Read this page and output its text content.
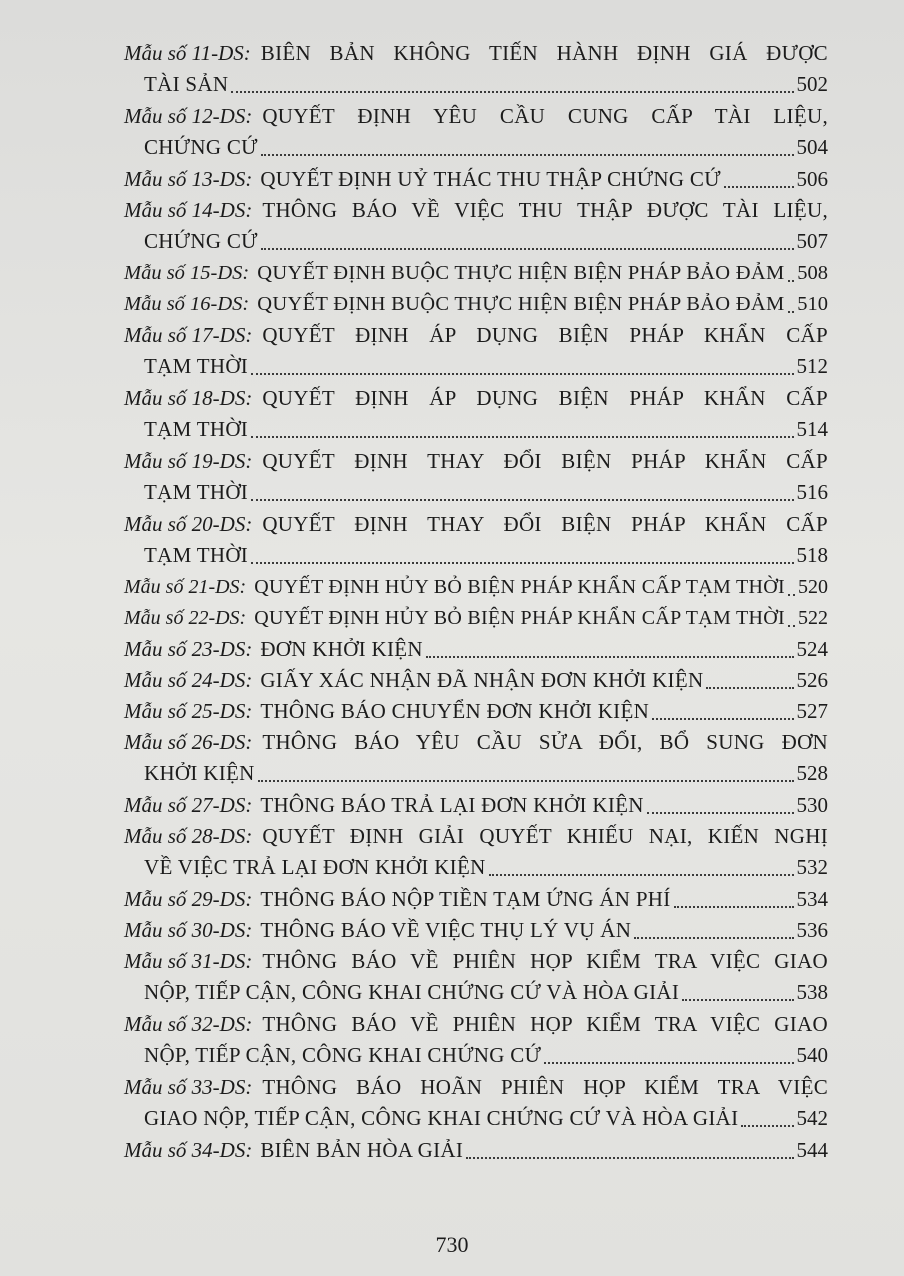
Mẫu số 11-DS: BIÊN BẢN KHÔNG TIẾN HÀNH ĐỊNH GIÁ ĐƯỢC
TÀI SẢN	502
Mẫu số 12-DS: QUYẾT ĐỊNH YÊU CẦU CUNG CẤP TÀI LIỆU,
CHỨNG CỨ	504
Mẫu số 13-DS: QUYẾT ĐỊNH UỶ THÁC THU THẬP CHỨNG CỨ	506
Mẫu số 14-DS: THÔNG BÁO VỀ VIỆC THU THẬP ĐƯỢC TÀI LIỆU,
CHỨNG CỨ	507
Mẫu số 15-DS: QUYẾT ĐỊNH BUỘC THỰC HIỆN BIỆN PHÁP BẢO ĐẢM 508
Mẫu số 16-DS: QUYẾT ĐỊNH BUỘC THỰC HIỆN BIỆN PHÁP BẢO ĐẢM 510
Mẫu số 17-DS: QUYẾT ĐỊNH ÁP DỤNG BIỆN PHÁP KHẨN CẤP
TẠM THỜI	512
Mẫu số 18-DS: QUYẾT ĐỊNH ÁP DỤNG BIỆN PHÁP KHẨN CẤP
TẠM THỜI	514
Mẫu số 19-DS: QUYẾT ĐỊNH THAY ĐỔI BIỆN PHÁP KHẨN CẤP
TẠM THỜI	516
Mẫu số 20-DS: QUYẾT ĐỊNH THAY ĐỔI BIỆN PHÁP KHẨN CẤP
TẠM THỜI	518
Mẫu số 21-DS: QUYẾT ĐỊNH HỦY BỎ BIỆN PHÁP KHẨN CẤP TẠM THỜI 520
Mẫu số 22-DS: QUYẾT ĐỊNH HỦY BỎ BIỆN PHÁP KHẨN CẤP TẠM THỜI 522
Mẫu số 23-DS: ĐƠN KHỞI KIỆN	524
Mẫu số 24-DS: GIẤY XÁC NHẬN ĐÃ NHẬN ĐƠN KHỞI KIỆN	526
Mẫu số 25-DS: THÔNG BÁO CHUYỂN ĐƠN KHỞI KIỆN	527
Mẫu số 26-DS: THÔNG BÁO YÊU CẦU SỬA ĐỔI, BỔ SUNG ĐƠN
KHỞI KIỆN	528
Mẫu số 27-DS: THÔNG BÁO TRẢ LẠI ĐƠN KHỞI KIỆN	530
Mẫu số 28-DS: QUYẾT ĐỊNH GIẢI QUYẾT KHIẾU NẠI, KIẾN NGHỊ
VỀ VIỆC TRẢ LẠI ĐƠN KHỞI KIỆN	532
Mẫu số 29-DS: THÔNG BÁO NỘP TIỀN TẠM ỨNG ÁN PHÍ	534
Mẫu số 30-DS: THÔNG BÁO VỀ VIỆC THỤ LÝ VỤ ÁN	536
Mẫu số 31-DS: THÔNG BÁO VỀ PHIÊN HỌP KIỂM TRA VIỆC GIAO
NỘP, TIẾP CẬN, CÔNG KHAI CHỨNG CỨ VÀ HÒA GIẢI	538
Mẫu số 32-DS: THÔNG BÁO VỀ PHIÊN HỌP KIỂM TRA VIỆC GIAO
NỘP, TIẾP CẬN, CÔNG KHAI CHỨNG CỨ	540
Mẫu số 33-DS: THÔNG BÁO HOÃN PHIÊN HỌP KIỂM TRA VIỆC
GIAO NỘP, TIẾP CẬN, CÔNG KHAI CHỨNG CỨ VÀ HÒA GIẢI	542
Mẫu số 34-DS: BIÊN BẢN HÒA GIẢI	544
730
